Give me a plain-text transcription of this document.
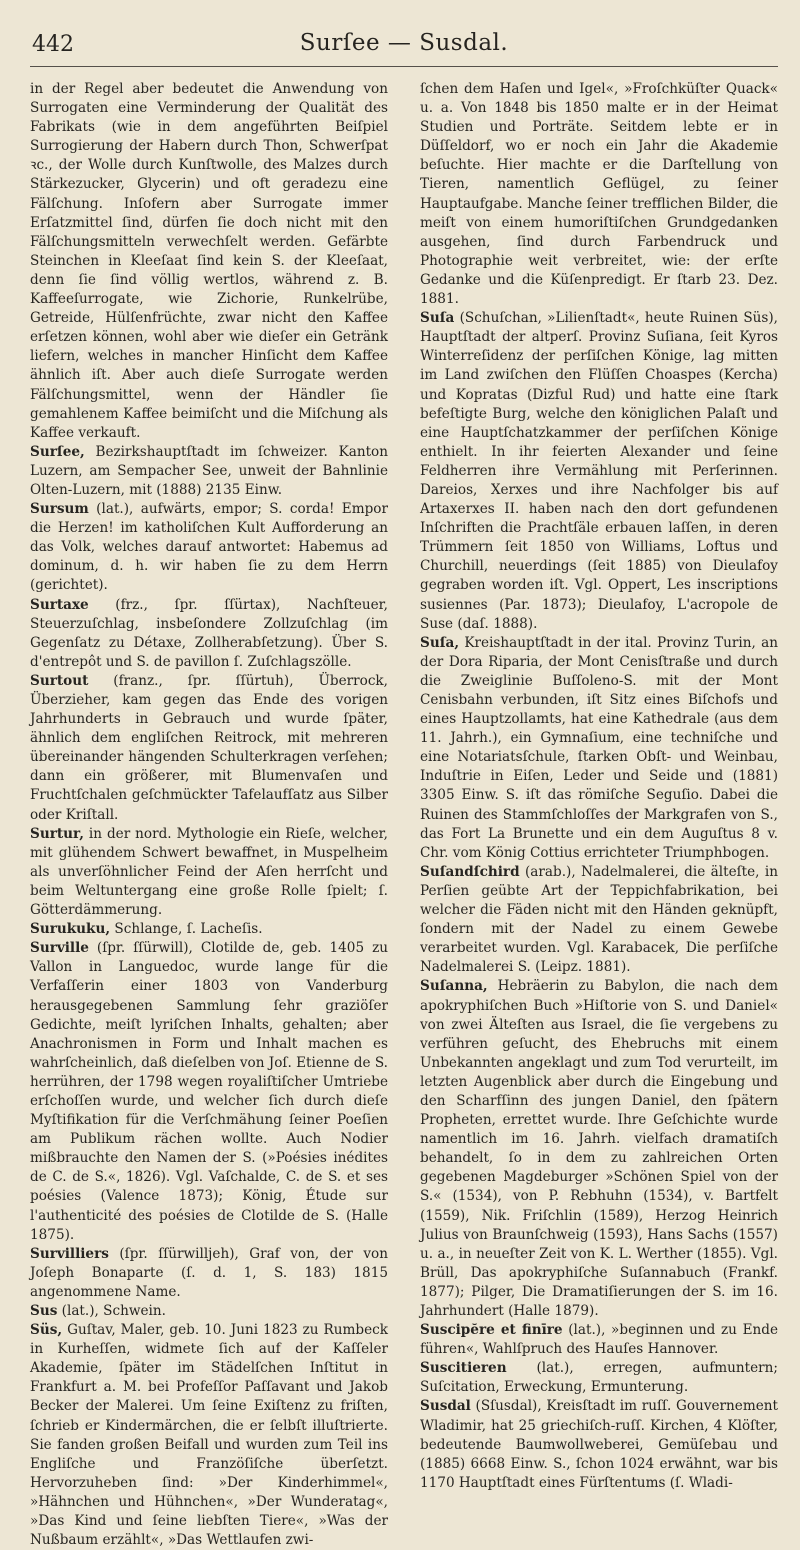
442	Surſee — Susdal.

in der Regel aber bedeutet die Anwendung von Surrogaten eine Verminderung der Qualität des Fabrikats (wie in dem angeführten Beiſpiel Surrogierung der Habern durch Thon, Schwerſpat ꝛc., der Wolle durch Kunſtwolle, des Malzes durch Stärkezucker, Glycerin) und oft geradezu eine Fälſchung. Inſofern aber Surrogate immer Erſatzmittel ſind, dürfen ſie doch nicht mit den Fälſchungsmitteln verwechſelt werden. Gefärbte Steinchen in Kleeſaat ſind kein S. der Kleeſaat, denn ſie ſind völlig wertlos, während z. B. Kaffeeſurrogate, wie Zichorie, Runkelrübe, Getreide, Hülſenfrüchte, zwar nicht den Kaffee erſetzen können, wohl aber wie dieſer ein Getränk liefern, welches in mancher Hinſicht dem Kaffee ähnlich iſt. Aber auch dieſe Surrogate werden Fälſchungsmittel, wenn der Händler ſie gemahlenem Kaffee beimiſcht und die Miſchung als Kaffee verkauft.

Surſee, Bezirkshauptſtadt im ſchweizer. Kanton Luzern, am Sempacher See, unweit der Bahnlinie Olten-Luzern, mit (1888) 2135 Einw.

Sursum (lat.), aufwärts, empor; S. corda! Empor die Herzen! im katholiſchen Kult Aufforderung an das Volk, welches darauf antwortet: Habemus ad dominum, d. h. wir haben ſie zu dem Herrn (gerichtet).

Surtaxe (frz., ſpr. ſſürtax), Nachſteuer, Steuerzuſchlag, insbeſondere Zollzuſchlag (im Gegenſatz zu Détaxe, Zollherabſetzung). Über S. d'entrepôt und S. de pavillon ſ. Zuſchlagszölle.

Surtout (franz., ſpr. ſſürtuh), Überrock, Überzieher, kam gegen das Ende des vorigen Jahrhunderts in Gebrauch und wurde ſpäter, ähnlich dem engliſchen Reitrock, mit mehreren übereinander hängenden Schulterkragen verſehen; dann ein größerer, mit Blumenvaſen und Fruchtſchalen geſchmückter Tafelaufſatz aus Silber oder Kriſtall.

Surtur, in der nord. Mythologie ein Rieſe, welcher, mit glühendem Schwert bewaffnet, in Muspelheim als unverſöhnlicher Feind der Aſen herrſcht und beim Weltuntergang eine große Rolle ſpielt; ſ. Götterdämmerung.

Surukuku, Schlange, ſ. Lacheſis.

Surville (ſpr. ſſürwill), Clotilde de, geb. 1405 zu Vallon in Languedoc, wurde lange für die Verfaſſerin einer 1803 von Vanderburg herausgegebenen Sammlung ſehr graziöſer Gedichte, meiſt lyriſchen Inhalts, gehalten; aber Anachronismen in Form und Inhalt machen es wahrſcheinlich, daß dieſelben von Joſ. Etienne de S. herrühren, der 1798 wegen royaliſtiſcher Umtriebe erſchoſſen wurde, und welcher ſich durch dieſe Myſtifikation für die Verſchmähung ſeiner Poeſien am Publikum rächen wollte. Auch Nodier mißbrauchte den Namen der S. (»Poésies inédites de C. de S.«, 1826). Vgl. Vaſchalde, C. de S. et ses poésies (Valence 1873); König, Étude sur l'authenticité des poésies de Clotilde de S. (Halle 1875).

Survilliers (ſpr. ſſürwilljeh), Graf von, der von Joſeph Bonaparte (ſ. d. 1, S. 183) 1815 angenommene Name.

Sus (lat.), Schwein.

Süs, Guſtav, Maler, geb. 10. Juni 1823 zu Rumbeck in Kurheſſen, widmete ſich auf der Kaſſeler Akademie, ſpäter im Städelſchen Inſtitut in Frankfurt a. M. bei Profeſſor Paſſavant und Jakob Becker der Malerei. Um ſeine Exiſtenz zu friſten, ſchrieb er Kindermärchen, die er ſelbſt illuſtrierte. Sie fanden großen Beifall und wurden zum Teil ins Engliſche und Franzöſiſche überſetzt. Hervorzuheben ſind: »Der Kinderhimmel«, »Hähnchen und Hühnchen«, »Der Wunderatag«, »Das Kind und ſeine liebſten Tiere«, »Was der Nußbaum erzählt«, »Das Wettlaufen zwi-

ſchen dem Haſen und Igel«, »Froſchküſter Quack« u. a. Von 1848 bis 1850 malte er in der Heimat Studien und Porträte. Seitdem lebte er in Düſſeldorf, wo er noch ein Jahr die Akademie beſuchte. Hier machte er die Darſtellung von Tieren, namentlich Geflügel, zu ſeiner Hauptaufgabe. Manche ſeiner trefflichen Bilder, die meiſt von einem humoriſtiſchen Grundgedanken ausgehen, ſind durch Farbendruck und Photographie weit verbreitet, wie: der erſte Gedanke und die Küſenpredigt. Er ſtarb 23. Dez. 1881.

Suſa (Schuſchan, »Lilienſtadt«, heute Ruinen Süs), Hauptſtadt der altperſ. Provinz Suſiana, ſeit Kyros Winterreſidenz der perſiſchen Könige, lag mitten im Land zwiſchen den Flüſſen Choaspes (Kercha) und Kopratas (Dizful Rud) und hatte eine ſtark befeſtigte Burg, welche den königlichen Palaſt und eine Hauptſchatzkammer der perſiſchen Könige enthielt. In ihr feierten Alexander und ſeine Feldherren ihre Vermählung mit Perſerinnen. Dareios, Xerxes und ihre Nachfolger bis auf Artaxerxes II. haben nach den dort gefundenen Inſchriften die Prachtſäle erbauen laſſen, in deren Trümmern ſeit 1850 von Williams, Loftus und Churchill, neuerdings (ſeit 1885) von Dieulafoy gegraben worden iſt. Vgl. Oppert, Les inscriptions susiennes (Par. 1873); Dieulafoy, L'acropole de Suse (daſ. 1888).

Suſa, Kreishauptſtadt in der ital. Provinz Turin, an der Dora Riparia, der Mont Cenisſtraße und durch die Zweiglinie Buſſoleno-S. mit der Mont Cenisbahn verbunden, iſt Sitz eines Biſchofs und eines Hauptzollamts, hat eine Kathedrale (aus dem 11. Jahrh.), ein Gymnaſium, eine techniſche und eine Notariatsſchule, ſtarken Obſt- und Weinbau, Induſtrie in Eiſen, Leder und Seide und (1881) 3305 Einw. S. iſt das römiſche Seguſio. Dabei die Ruinen des Stammſchloſſes der Markgrafen von S., das Fort La Brunette und ein dem Auguſtus 8 v. Chr. vom König Cottius errichteter Triumphbogen.

Suſandſchird (arab.), Nadelmalerei, die älteſte, in Perſien geübte Art der Teppichfabrikation, bei welcher die Fäden nicht mit den Händen geknüpft, ſondern mit der Nadel zu einem Gewebe verarbeitet wurden. Vgl. Karabacek, Die perſiſche Nadelmalerei S. (Leipz. 1881).

Suſanna, Hebräerin zu Babylon, die nach dem apokryphiſchen Buch »Hiſtorie von S. und Daniel« von zwei Älteſten aus Israel, die ſie vergebens zu verführen geſucht, des Ehebruchs mit einem Unbekannten angeklagt und zum Tod verurteilt, im letzten Augenblick aber durch die Eingebung und den Scharfſinn des jungen Daniel, den ſpätern Propheten, errettet wurde. Ihre Geſchichte wurde namentlich im 16. Jahrh. vielfach dramatiſch behandelt, ſo in dem zu zahlreichen Orten gegebenen Magdeburger »Schönen Spiel von der S.« (1534), von P. Rebhuhn (1534), v. Bartfelt (1559), Nik. Friſchlin (1589), Herzog Heinrich Julius von Braunſchweig (1593), Hans Sachs (1557) u. a., in neueſter Zeit von K. L. Werther (1855). Vgl. Brüll, Das apokryphiſche Suſannabuch (Frankf. 1877); Pilger, Die Dramatiſierungen der S. im 16. Jahrhundert (Halle 1879).

Suscipĕre et finīre (lat.), »beginnen und zu Ende führen«, Wahlſpruch des Hauſes Hannover.

Suscitieren (lat.), erregen, aufmuntern; Suſcitation, Erweckung, Ermunterung.

Susdal (Sſusdal), Kreisſtadt im ruſſ. Gouvernement Wladimir, hat 25 griechiſch-ruſſ. Kirchen, 4 Klöſter, bedeutende Baumwollweberei, Gemüſebau und (1885) 6668 Einw. S., ſchon 1024 erwähnt, war bis 1170 Hauptſtadt eines Fürſtentums (ſ. Wladi-
